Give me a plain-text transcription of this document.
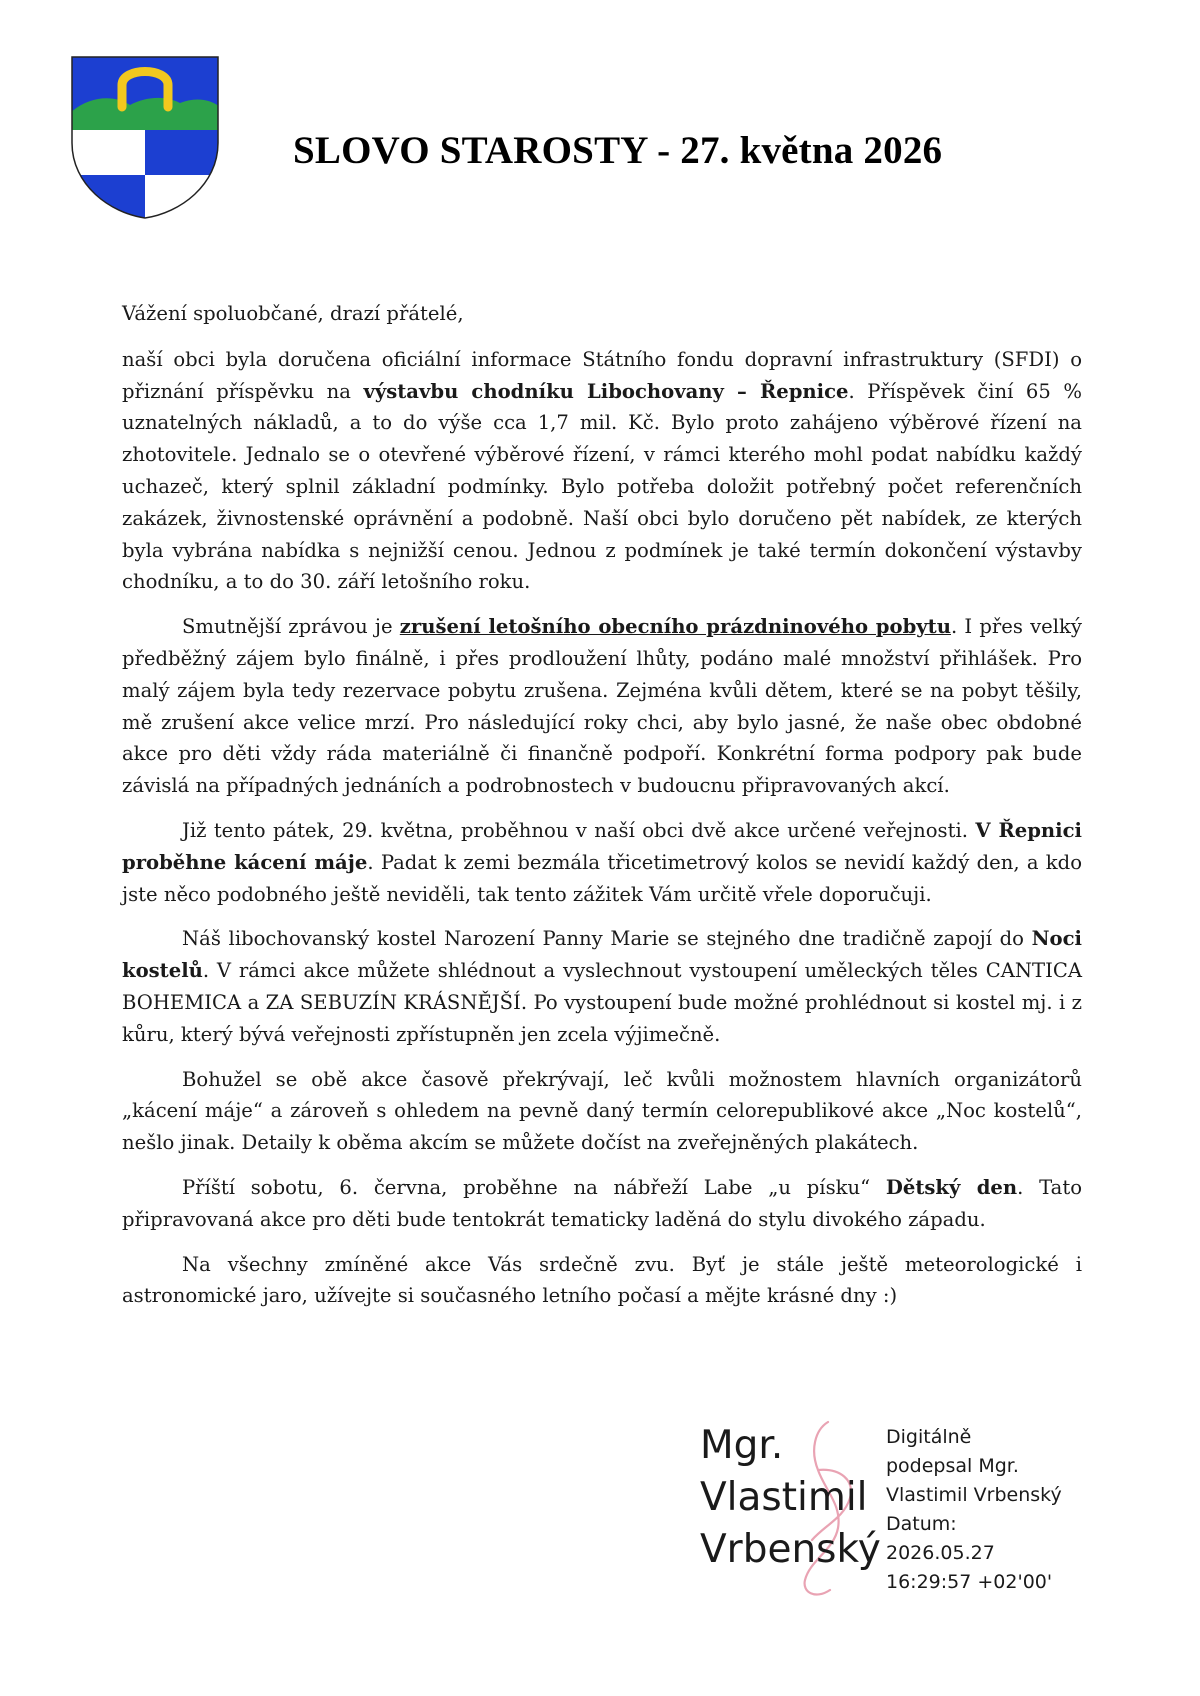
SLOVO STAROSTY - 27. května 2026

Vážení spoluobčané, drazí přátelé,

naší obci byla doručena oficiální informace Státního fondu dopravní infrastruktury (SFDI) o přiznání příspěvku na výstavbu chodníku Libochovany – Řepnice. Příspěvek činí 65 % uznatelných nákladů, a to do výše cca 1,7 mil. Kč. Bylo proto zahájeno výběrové řízení na zhotovitele. Jednalo se o otevřené výběrové řízení, v rámci kterého mohl podat nabídku každý uchazeč, který splnil základní podmínky. Bylo potřeba doložit potřebný počet referenčních zakázek, živnostenské oprávnění a podobně. Naší obci bylo doručeno pět nabídek, ze kterých byla vybrána nabídka s nejnižší cenou. Jednou z podmínek je také termín dokončení výstavby chodníku, a to do 30. září letošního roku.

Smutnější zprávou je zrušení letošního obecního prázdninového pobytu. I přes velký předběžný zájem bylo finálně, i přes prodloužení lhůty, podáno malé množství přihlášek. Pro malý zájem byla tedy rezervace pobytu zrušena. Zejména kvůli dětem, které se na pobyt těšily, mě zrušení akce velice mrzí. Pro následující roky chci, aby bylo jasné, že naše obec obdobné akce pro děti vždy ráda materiálně či finančně podpoří. Konkrétní forma podpory pak bude závislá na případných jednáních a podrobnostech v budoucnu připravovaných akcí.

Již tento pátek, 29. května, proběhnou v naší obci dvě akce určené veřejnosti. V Řepnici proběhne kácení máje. Padat k zemi bezmála třicetimetrový kolos se nevidí každý den, a kdo jste něco podobného ještě neviděli, tak tento zážitek Vám určitě vřele doporučuji.

Náš libochovanský kostel Narození Panny Marie se stejného dne tradičně zapojí do Noci kostelů. V rámci akce můžete shlédnout a vyslechnout vystoupení uměleckých těles CANTICA BOHEMICA a ZA SEBUZÍN KRÁSNĚJŠÍ. Po vystoupení bude možné prohlédnout si kostel mj. i z kůru, který bývá veřejnosti zpřístupněn jen zcela výjimečně.

Bohužel se obě akce časově překrývají, leč kvůli možnostem hlavních organizátorů „kácení máje“ a zároveň s ohledem na pevně daný termín celorepublikové akce „Noc kostelů“, nešlo jinak. Detaily k oběma akcím se můžete dočíst na zveřejněných plakátech.

Příští sobotu, 6. června, proběhne na nábřeží Labe „u písku“ Dětský den. Tato připravovaná akce pro děti bude tentokrát tematicky laděná do stylu divokého západu.

Na všechny zmíněné akce Vás srdečně zvu. Byť je stále ještě meteorologické i astronomické jaro, užívejte si současného letního počasí a mějte krásné dny :)

Mgr.
Vlastimil
Vrbenský
Digitálně
podepsal Mgr.
Vlastimil Vrbenský
Datum:
2026.05.27
16:29:57 +02'00'
